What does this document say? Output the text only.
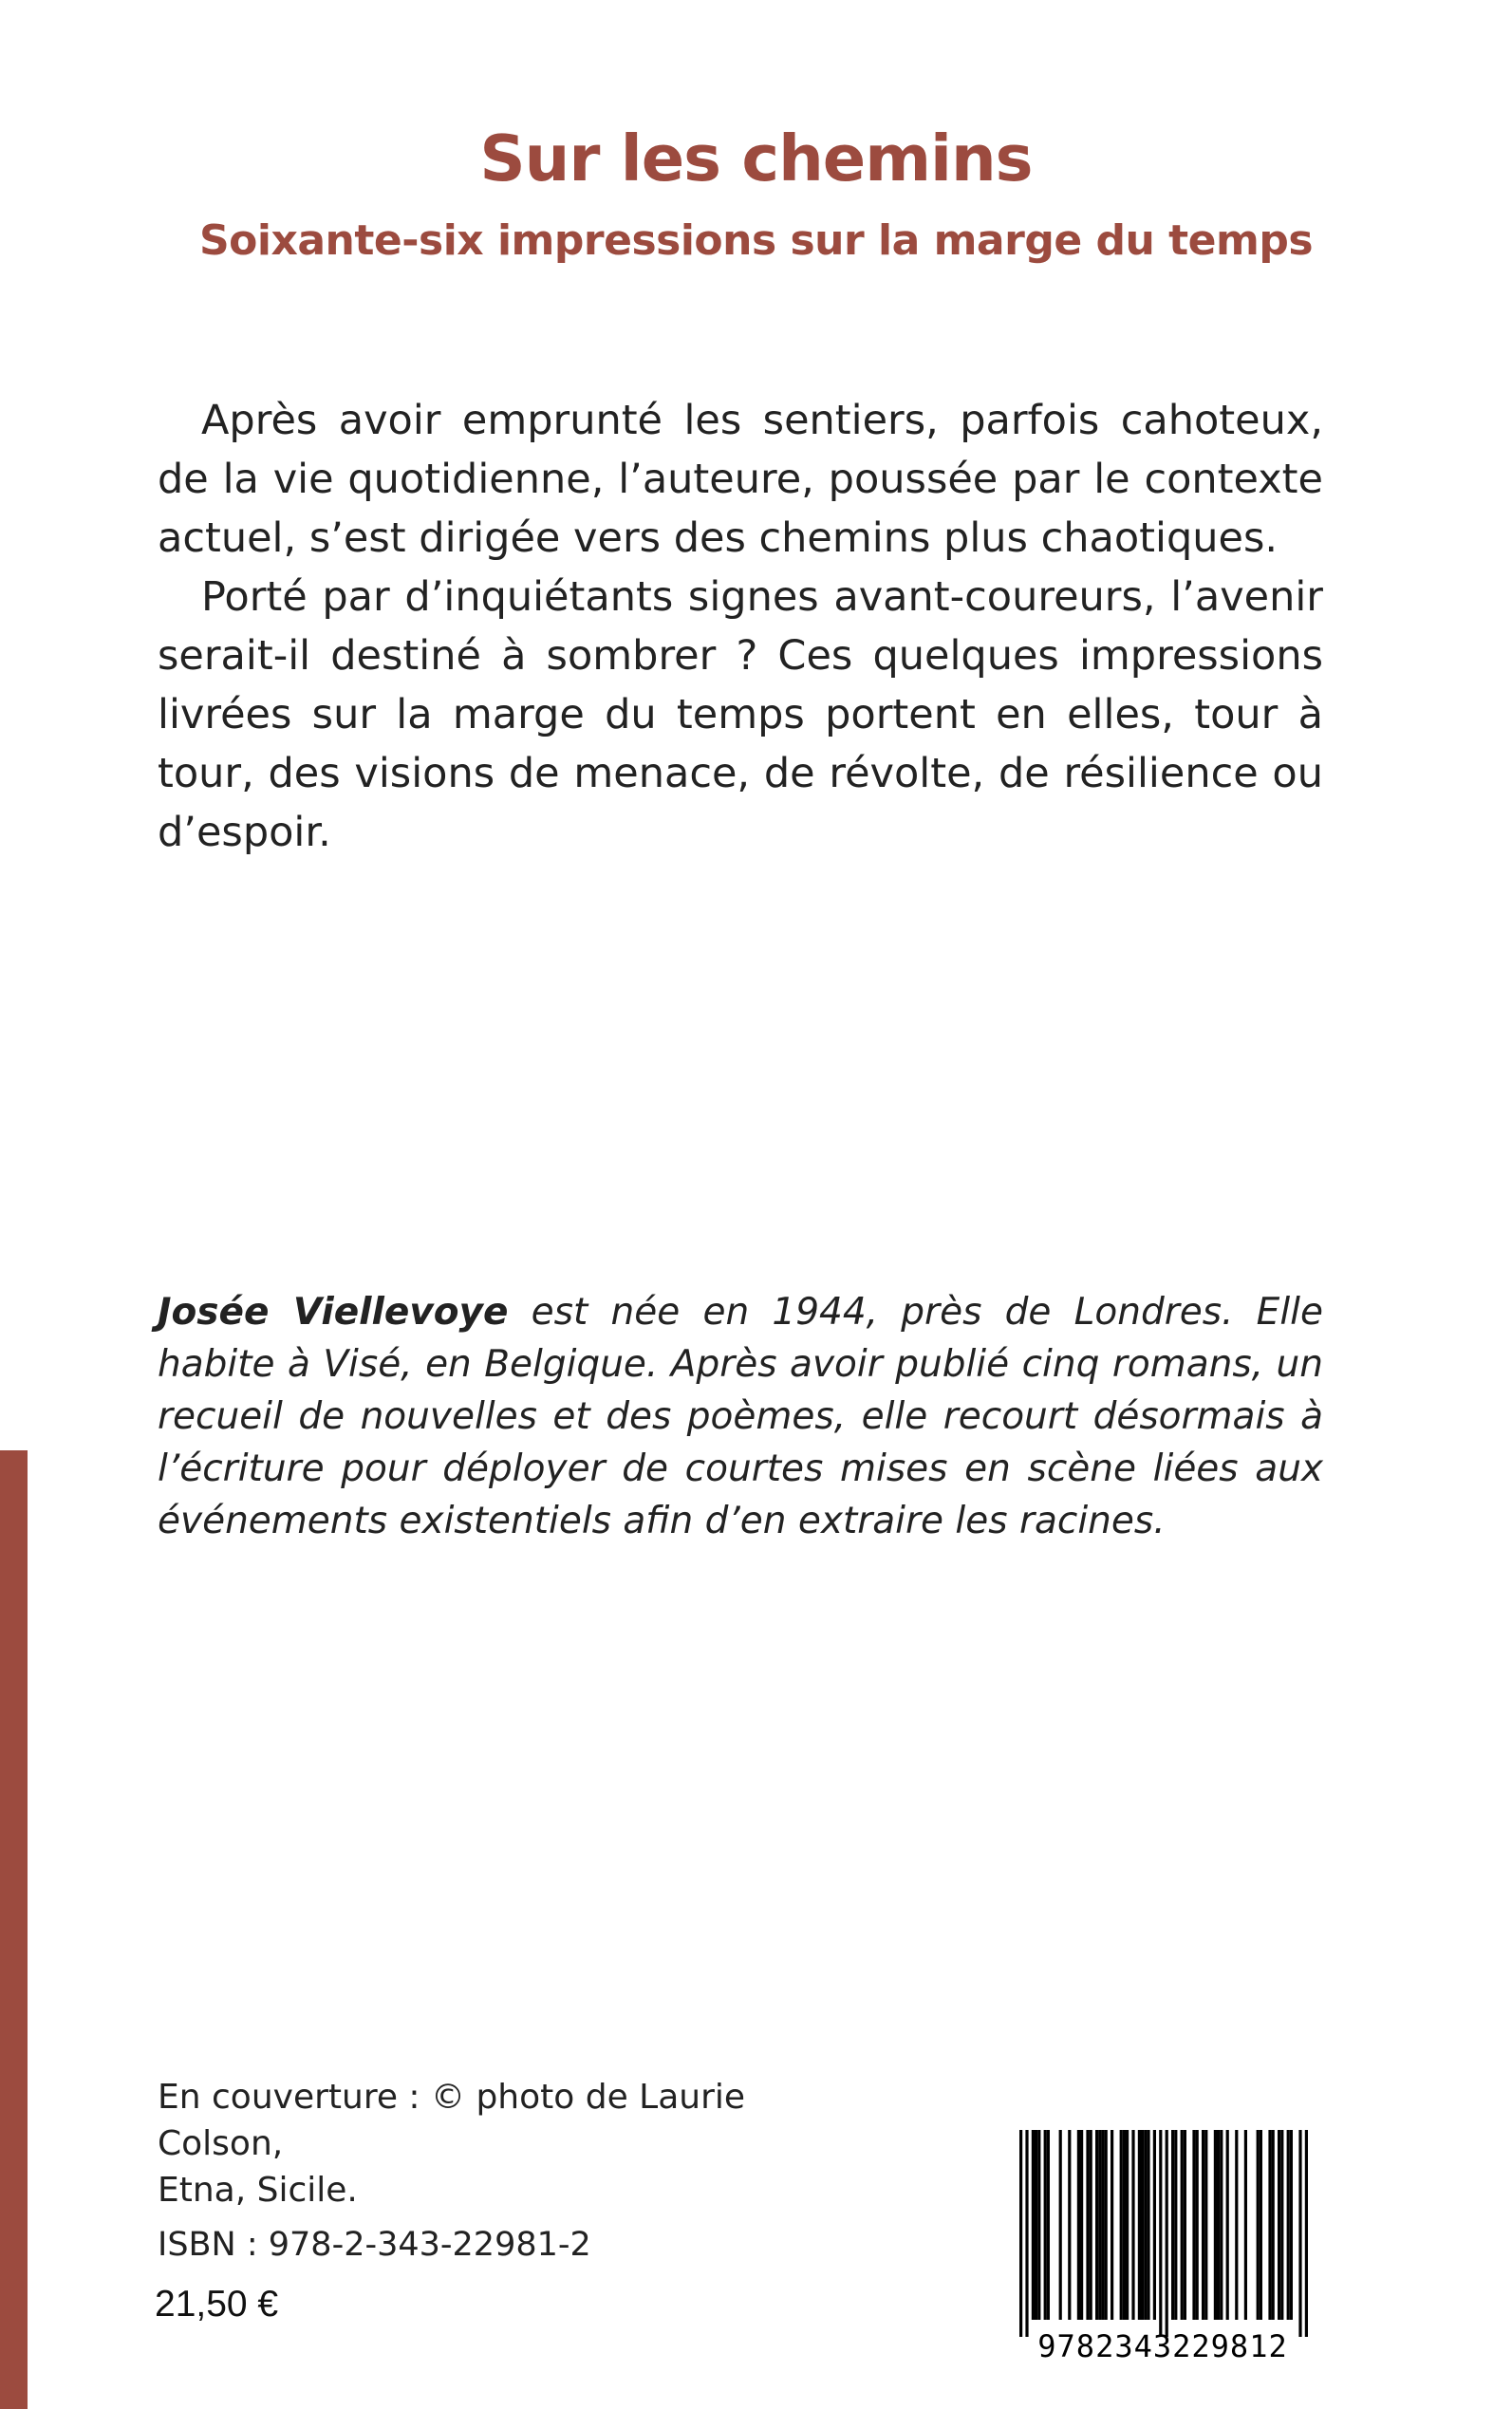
Sur les chemins
Soixante-six impressions sur la marge du temps

Après avoir emprunté les sentiers, parfois cahoteux, de la vie quotidienne, l’auteure, poussée par le contexte actuel, s’est dirigée vers des chemins plus chaotiques.

Porté par d’inquiétants signes avant-coureurs, l’avenir serait-il destiné à sombrer ? Ces quelques impressions livrées sur la marge du temps portent en elles, tour à tour, des visions de menace, de révolte, de résilience ou d’espoir.

Josée Viellevoye est née en 1944, près de Londres. Elle habite à Visé, en Belgique. Après avoir publié cinq romans, un recueil de nouvelles et des poèmes, elle recourt désormais à l’écriture pour déployer de courtes mises en scène liées aux événements existentiels afin d’en extraire les racines.

En couverture : © photo de Laurie Colson,

Etna, Sicile.

ISBN : 978-2-343-22981-2
21,50 €
9782343229812
